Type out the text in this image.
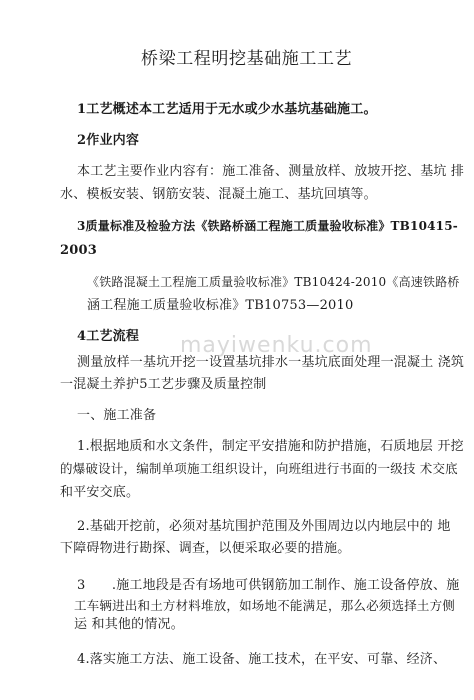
桥梁工程明挖基础施工工艺
1工艺概述本工艺适用于无水或少水基坑基础施工。
2作业内容
本工艺主要作业内容有：施工准备、测量放样、放坡开挖、基坑 排
水、模板安装、钢筋安装、混凝土施工、基坑回填等。
3质量标准及检验方法《铁路桥涵工程施工质量验收标准》TB10415-
2003
《铁路混凝土工程施工质量验收标准》TB10424-2010《高速铁路桥
涵工程施工质量验收标准》TB10753—2010
4工艺流程
测量放样一基坑开挖一设置基坑排水一基坑底面处理一混凝土 浇筑
一混凝土养护5工艺步骤及质量控制
一、施工准备
1.根据地质和水文条件，制定平安措施和防护措施，石质地层 开挖
的爆破设计，编制单项施工组织设计，向班组进行书面的一级技 术交底
和平安交底。
2.基础开挖前，必须对基坑围护范围及外围周边以内地层中的 地
下障碍物进行勘探、调查，以便采取必要的措施。
3　　.施工地段是否有场地可供钢筋加工制作、施工设备停放、施
工车辆进出和土方材料堆放，如场地不能满足，那么必须选择土方侧
运 和其他的情况。
4.落实施工方法、施工设备、施工技术，在平安、可靠、经济、
mayiwenku.com
